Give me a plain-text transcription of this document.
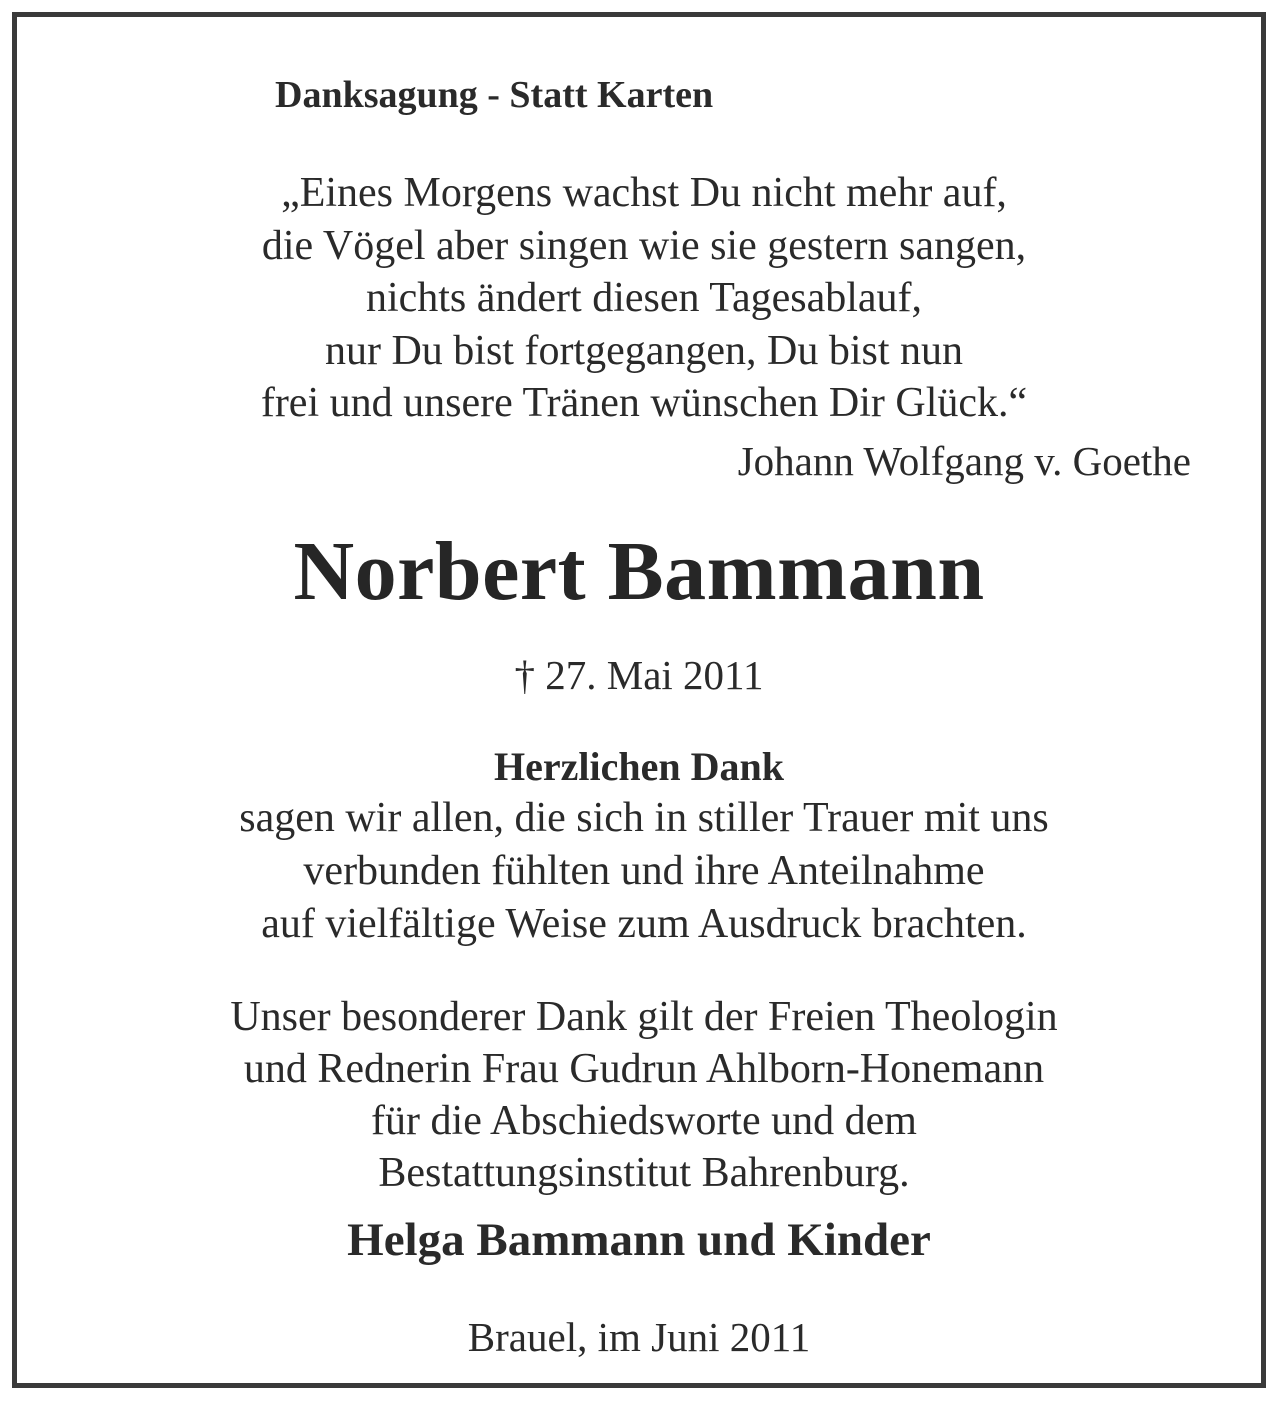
Danksagung - Statt Karten

„Eines Morgens wachst Du nicht mehr auf,
die Vögel aber singen wie sie gestern sangen,
nichts ändert diesen Tagesablauf,
nur Du bist fortgegangen, Du bist nun
frei und unsere Tränen wünschen Dir Glück.“

Johann Wolfgang v. Goethe

Norbert Bammann

† 27. Mai 2011

Herzlichen Dank

sagen wir allen, die sich in stiller Trauer mit uns
verbunden fühlten und ihre Anteilnahme
auf vielfältige Weise zum Ausdruck brachten.
Unser besonderer Dank gilt der Freien Theologin
und Rednerin Frau Gudrun Ahlborn-Honemann
für die Abschiedsworte und dem
Bestattungsinstitut Bahrenburg.

Helga Bammann und Kinder

Brauel, im Juni 2011
